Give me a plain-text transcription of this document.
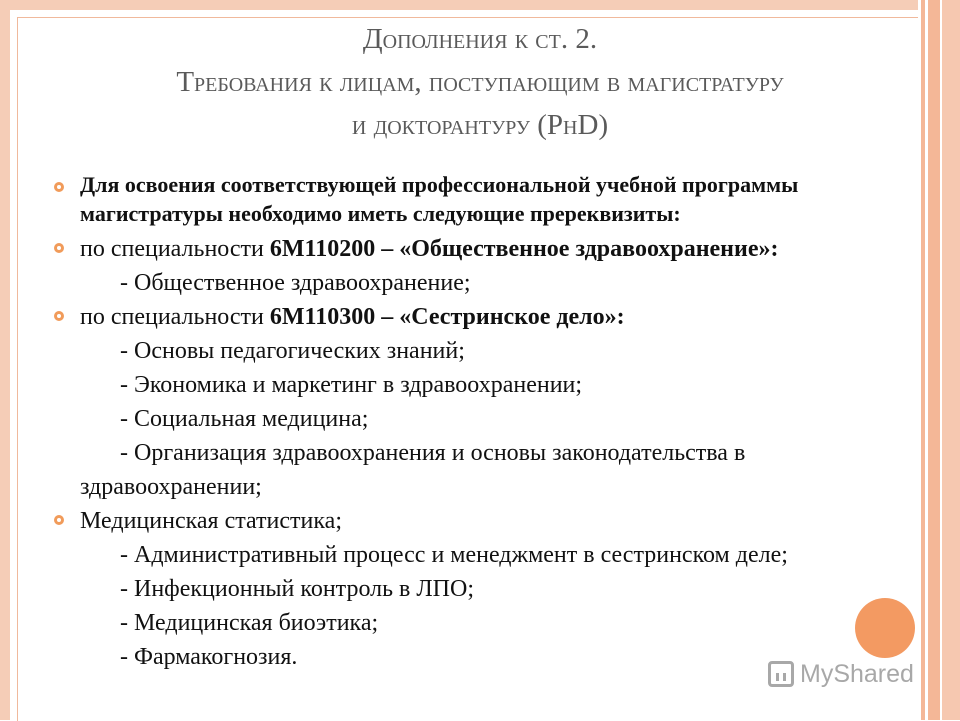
Дополнения к ст. 2.
Требования к лицам, поступающим в магистратуру
и докторантуру (PhD)
Для освоения соответствующей профессиональной учебной программы магистратуры необходимо иметь следующие пререквизиты:
по специальности 6М110200 – «Общественное здравоохранение»:
- Общественное здравоохранение;
по специальности 6М110300 – «Сестринское дело»:
- Основы педагогических знаний;
- Экономика и маркетинг в здравоохранении;
- Социальная медицина;
- Организация здравоохранения и основы законодательства в
здравоохранении;
Медицинская статистика;
- Административный процесс и менеджмент в сестринском деле;
- Инфекционный контроль в ЛПО;
- Медицинская биоэтика;
- Фармакогнозия.
MyShared
